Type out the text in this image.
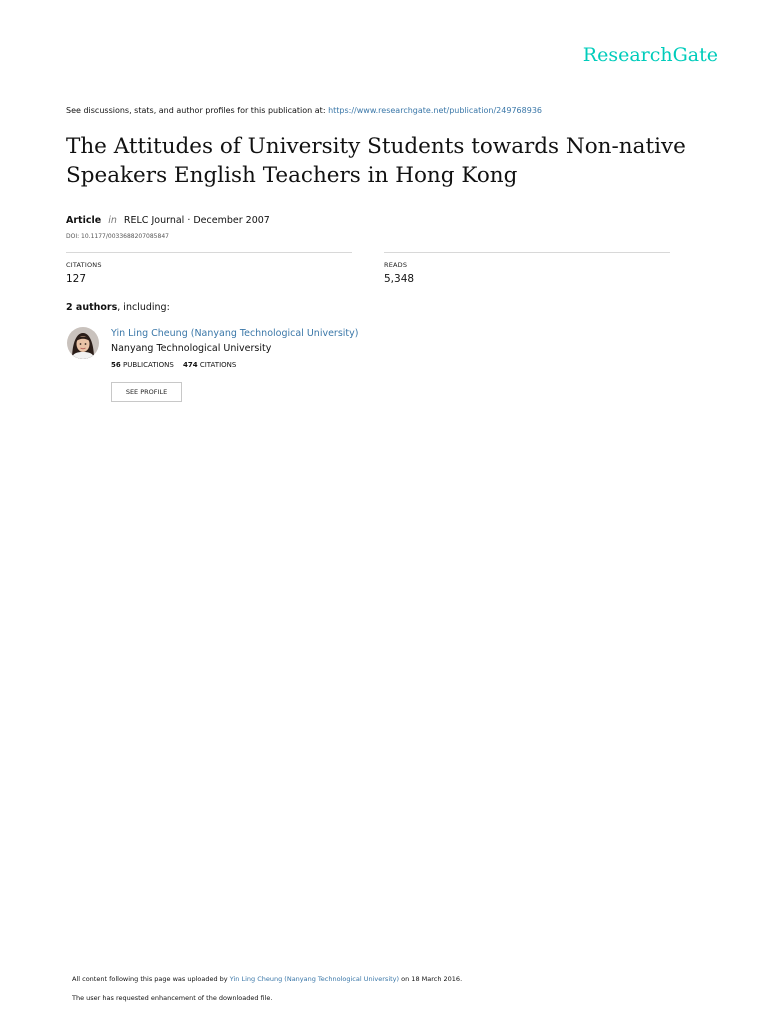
ResearchGate
See discussions, stats, and author profiles for this publication at: https://www.researchgate.net/publication/249768936
The Attitudes of University Students towards Non-native Speakers English Teachers in Hong Kong
Article in RELC Journal · December 2007
DOI: 10.1177/0033688207085847
CITATIONS
127
READS
5,348
2 authors, including:
Yin Ling Cheung (Nanyang Technological University)
Nanyang Technological University
56 PUBLICATIONS 474 CITATIONS
SEE PROFILE
All content following this page was uploaded by Yin Ling Cheung (Nanyang Technological University) on 18 March 2016.
The user has requested enhancement of the downloaded file.
